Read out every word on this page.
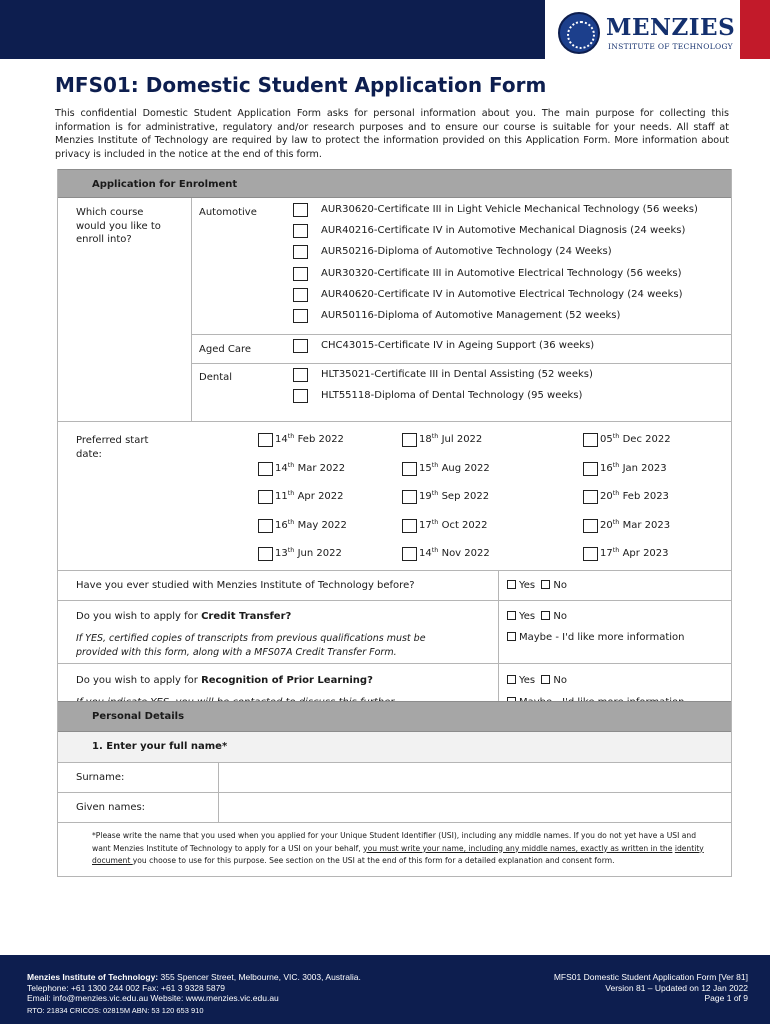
MENZIES
INSTITUTE OF TECHNOLOGY
MFS01: Domestic Student Application Form

This confidential Domestic Student Application Form asks for personal information about you. The main purpose for collecting this information is for administrative, regulatory and/or research purposes and to ensure our course is suitable for your needs. All staff at Menzies Institute of Technology are required by law to protect the information provided on this Application Form. More information about privacy is included in the notice at the end of this form.

Application for Enrolment
Which course would you like to enroll into?
Automotive	AUR30620-Certificate III in Light Vehicle Mechanical Technology (56 weeks)
AUR40216-Certificate IV in Automotive Mechanical Diagnosis (24 weeks)
AUR50216-Diploma of Automotive Technology (24 Weeks)
AUR30320-Certificate III in Automotive Electrical Technology (56 weeks)
AUR40620-Certificate IV in Automotive Electrical Technology (24 weeks)
AUR50116-Diploma of Automotive Management (52 weeks)
Aged Care	CHC43015-Certificate IV in Ageing Support (36 weeks)
Dental	HLT35021-Certificate III in Dental Assisting (52 weeks)
HLT55118-Diploma of Dental Technology (95 weeks)
Preferred start date:
14th Feb 2022	18th Jul 2022	05th Dec 2022
14th Mar 2022	15th Aug 2022	16th Jan 2023
11th Apr 2022	19th Sep 2022	20th Feb 2023
16th May 2022	17th Oct 2022	20th Mar 2023
13th Jun 2022	14th Nov 2022	17th Apr 2023
Have you ever studied with Menzies Institute of Technology before?	Yes No
Do you wish to apply for Credit Transfer?
If YES, certified copies of transcripts from previous qualifications must be provided with this form, along with a MFS07A Credit Transfer Form.
Yes No
Maybe - I'd like more information
Do you wish to apply for Recognition of Prior Learning?	Yes No
Personal Details
1. Enter your full name*
Surname:
Given names:
*Please write the name that you used when you applied for your Unique Student Identifier (USI), including any middle names. If you do not yet have a USI and want Menzies Institute of Technology to apply for a USI on your behalf, you must write your name, including any middle names, exactly as written in the identity document you choose to use for this purpose. See section on the USI at the end of this form for a detailed explanation and consent form.
Menzies Institute of Technology: 355 Spencer Street, Melbourne, VIC. 3003, Australia.
Telephone: +61 1300 244 002 Fax: +61 3 9328 5879
Email: info@menzies.vic.edu.au Website: www.menzies.vic.edu.au
RTO: 21834 CRICOS: 02815M ABN: 53 120 653 910
MFS01 Domestic Student Application Form [Ver 81]
Version 81 – Updated on 12 Jan 2022
Page 1 of 9
